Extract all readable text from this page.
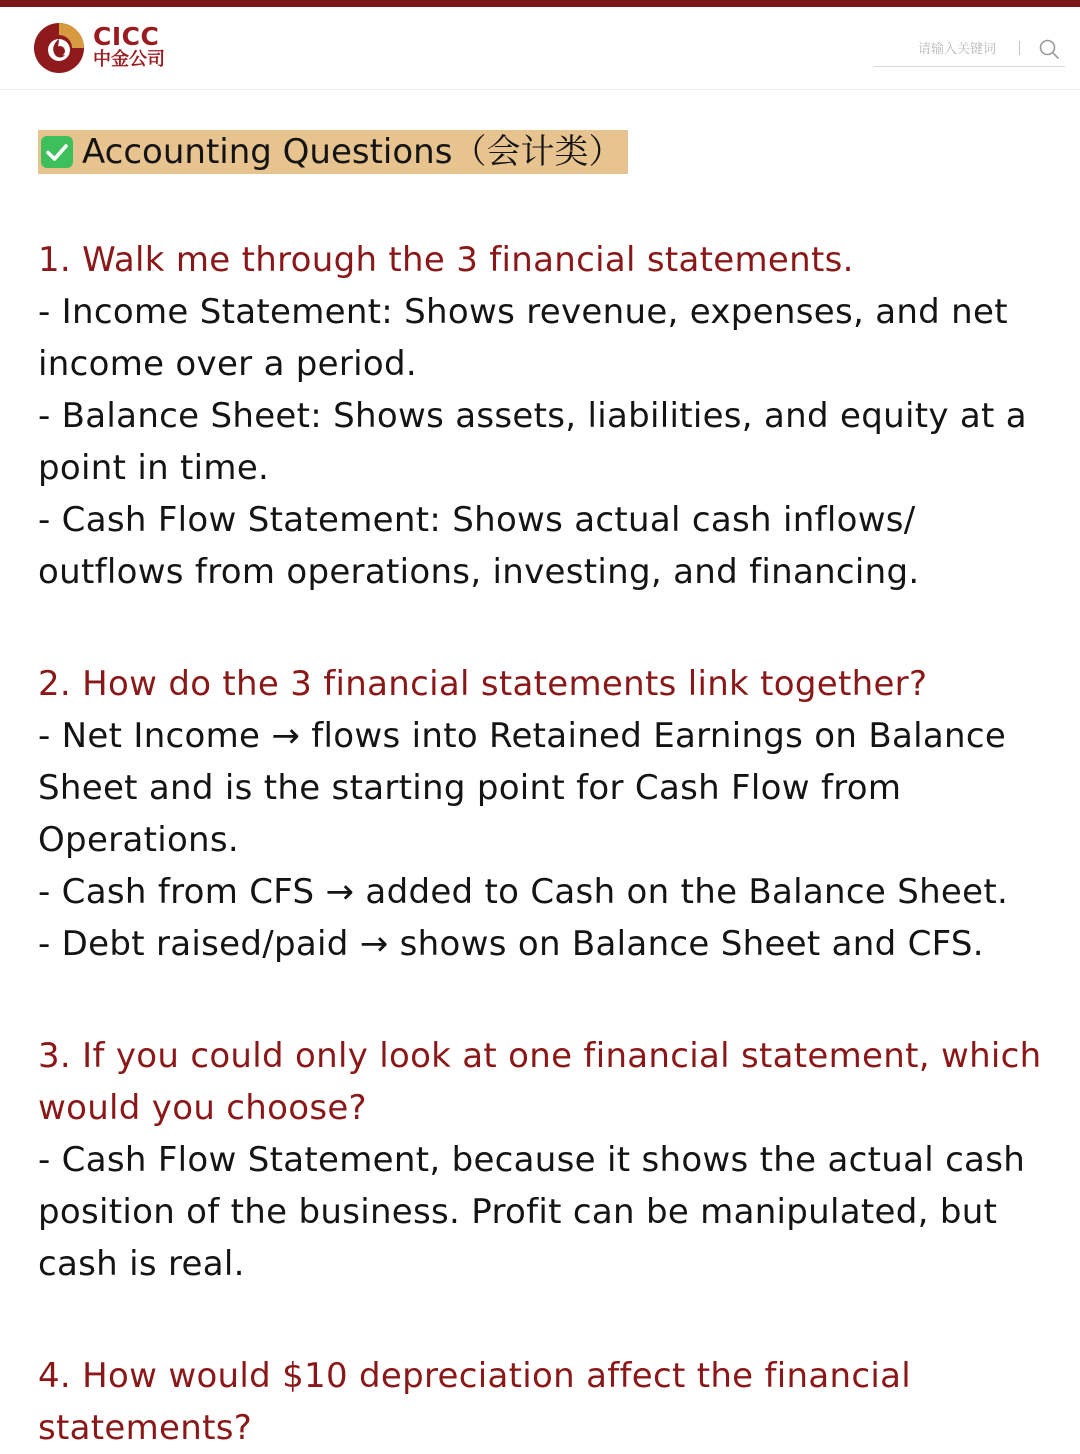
CICC
中金公司
请输入关键词
Accounting Questions（会计类）
1. Walk me through the 3 financial statements.
- Income Statement: Shows revenue, expenses, and net income over a period.
- Balance Sheet: Shows assets, liabilities, and equity at a point in time.
- Cash Flow Statement: Shows actual cash inflows/ outflows from operations, investing, and financing.
2. How do the 3 financial statements link together?
- Net Income → flows into Retained Earnings on Balance Sheet and is the starting point for Cash Flow from Operations.
- Cash from CFS → added to Cash on the Balance Sheet.
- Debt raised/paid → shows on Balance Sheet and CFS.
3. If you could only look at one financial statement, which would you choose?
- Cash Flow Statement, because it shows the actual cash position of the business. Profit can be manipulated, but cash is real.
4. How would $10 depreciation affect the financial statements?
